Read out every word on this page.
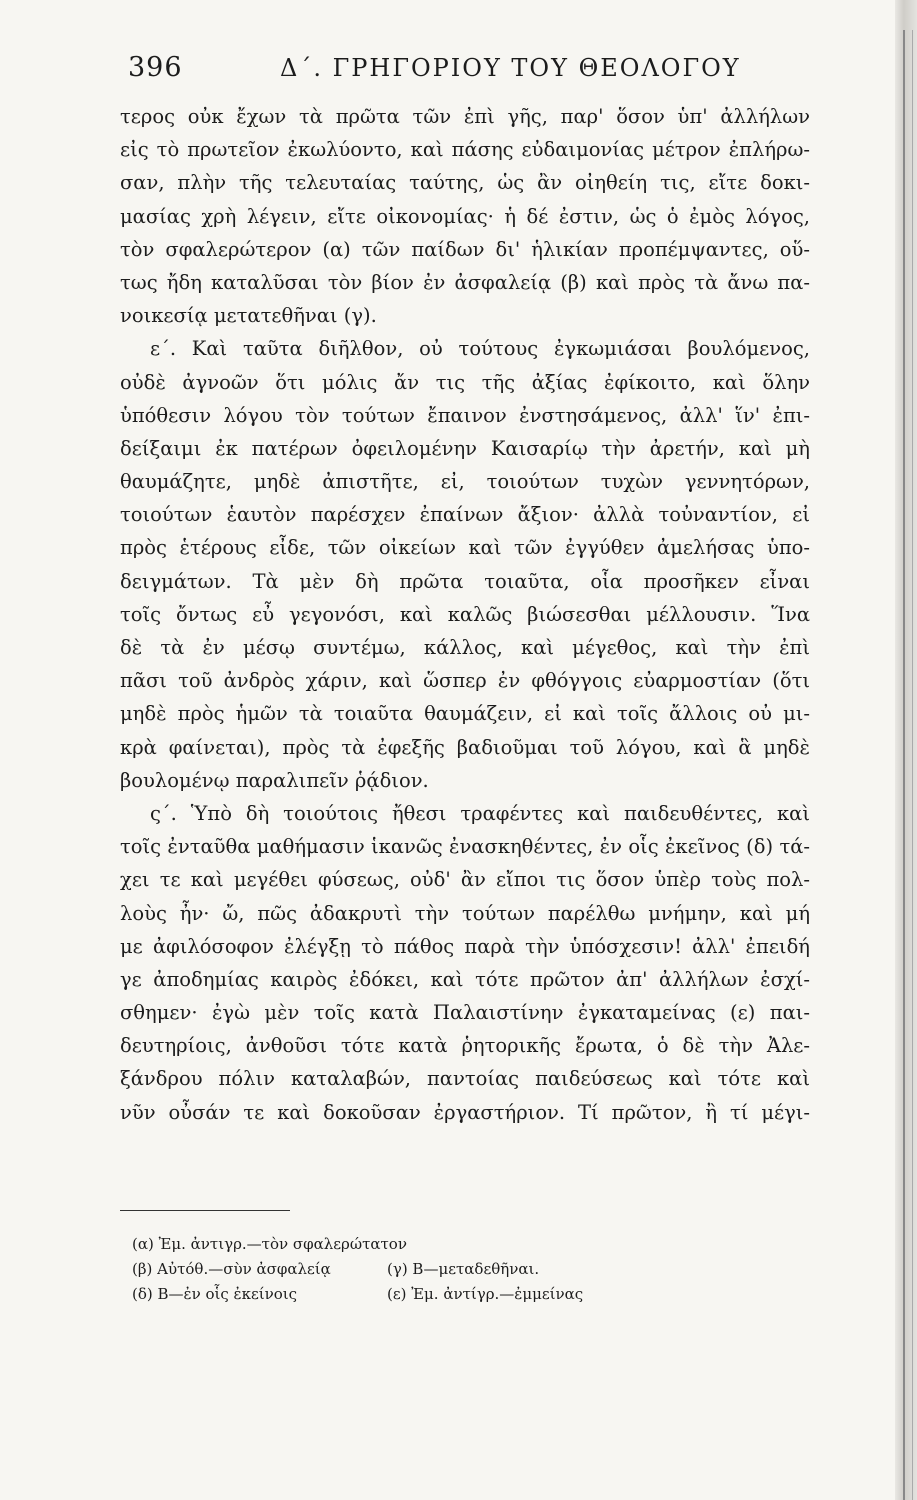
396	Δ΄. ΓΡΗΓΟΡΙΟΥ ΤΟΥ ΘΕΟΛΟΓΟΥ
τερος οὐκ ἔχων τὰ πρῶτα τῶν ἐπὶ γῆς, παρ' ὅσον ὑπ' ἀλλήλων
εἰς τὸ πρωτεῖον ἐκωλύοντο, καὶ πάσης εὐδαιμονίας μέτρον ἐπλήρω-
σαν, πλὴν τῆς τελευταίας ταύτης, ὡς ἂν οἰηθείη τις, εἴτε δοκι-
μασίας χρὴ λέγειν, εἴτε οἰκονομίας· ἡ δέ ἐστιν, ὡς ὁ ἐμὸς λόγος,
τὸν σφαλερώτερον (α) τῶν παίδων δι' ἡλικίαν προπέμψαντες, οὕ-
τως ἤδη καταλῦσαι τὸν βίον ἐν ἀσφαλείᾳ (β) καὶ πρὸς τὰ ἄνω πα-
νοικεσίᾳ μετατεθῆναι (γ).
ε΄. Καὶ ταῦτα διῆλθον, οὐ τούτους ἐγκωμιάσαι βουλόμενος,
οὐδὲ ἀγνοῶν ὅτι μόλις ἄν τις τῆς ἀξίας ἐφίκοιτο, καὶ ὅλην
ὑπόθεσιν λόγου τὸν τούτων ἔπαινον ἐνστησάμενος, ἀλλ' ἵν' ἐπι-
δείξαιμι ἐκ πατέρων ὀφειλομένην Καισαρίῳ τὴν ἀρετήν, καὶ μὴ
θαυμάζητε, μηδὲ ἀπιστῆτε, εἰ, τοιούτων τυχὼν γεννητόρων,
τοιούτων ἑαυτὸν παρέσχεν ἐπαίνων ἄξιον· ἀλλὰ τοὐναντίον, εἰ
πρὸς ἑτέρους εἶδε, τῶν οἰκείων καὶ τῶν ἐγγύθεν ἀμελήσας ὑπο-
δειγμάτων. Τὰ μὲν δὴ πρῶτα τοιαῦτα, οἷα προσῆκεν εἶναι
τοῖς ὄντως εὖ γεγονόσι, καὶ καλῶς βιώσεσθαι μέλλουσιν. Ἵνα
δὲ τὰ ἐν μέσῳ συντέμω, κάλλος, καὶ μέγεθος, καὶ τὴν ἐπὶ
πᾶσι τοῦ ἀνδρὸς χάριν, καὶ ὥσπερ ἐν φθόγγοις εὐαρμοστίαν (ὅτι
μηδὲ πρὸς ἡμῶν τὰ τοιαῦτα θαυμάζειν, εἰ καὶ τοῖς ἄλλοις οὐ μι-
κρὰ φαίνεται), πρὸς τὰ ἐφεξῆς βαδιοῦμαι τοῦ λόγου, καὶ ἃ μηδὲ
βουλομένῳ παραλιπεῖν ῥᾴδιον.
ς΄. Ὑπὸ δὴ τοιούτοις ἤθεσι τραφέντες καὶ παιδευθέντες, καὶ
τοῖς ἐνταῦθα μαθήμασιν ἱκανῶς ἐνασκηθέντες, ἐν οἷς ἐκεῖνος (δ) τά-
χει τε καὶ μεγέθει φύσεως, οὐδ' ἂν εἴποι τις ὅσον ὑπὲρ τοὺς πολ-
λοὺς ἦν· ὤ, πῶς ἀδακρυτὶ τὴν τούτων παρέλθω μνήμην, καὶ μή
με ἀφιλόσοφον ἐλέγξῃ τὸ πάθος παρὰ τὴν ὑπόσχεσιν! ἀλλ' ἐπειδή
γε ἀποδημίας καιρὸς ἐδόκει, καὶ τότε πρῶτον ἀπ' ἀλλήλων ἐσχί-
σθημεν· ἐγὼ μὲν τοῖς κατὰ Παλαιστίνην ἐγκαταμείνας (ε) παι-
δευτηρίοις, ἀνθοῦσι τότε κατὰ ῥητορικῆς ἔρωτα, ὁ δὲ τὴν Ἀλε-
ξάνδρου πόλιν καταλαβών, παντοίας παιδεύσεως καὶ τότε καὶ
νῦν οὖσάν τε καὶ δοκοῦσαν ἐργαστήριον. Τί πρῶτον, ἢ τί μέγι-
(α) Ἐμ. ἀντιγρ.—τὸν σφαλερώτατον
(β) Αὐτόθ.—σὺν ἀσφαλείᾳ	(γ) Β—μεταδεθῆναι.
(δ) Β—ἐν οἷς ἐκείνοις	(ε) Ἐμ. ἀντίγρ.—ἐμμείνας
